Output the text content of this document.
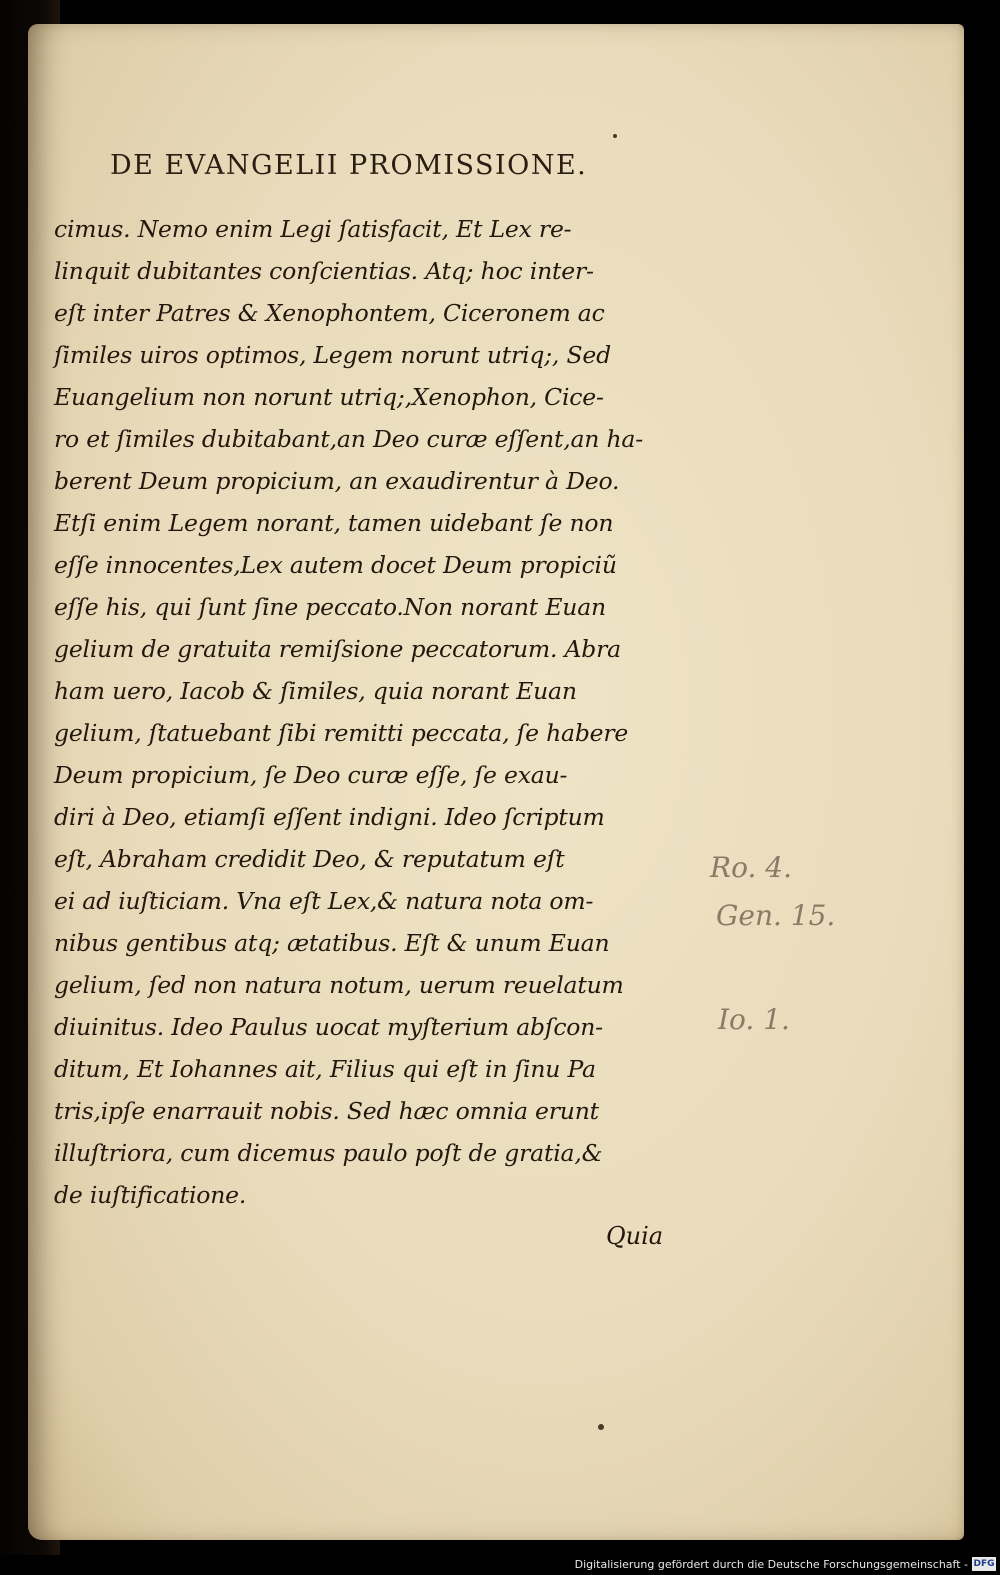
DE EVANGELII PROMISSIONE.
cimus. Nemo enim Legi ſatisfacit, Et Lex re-
linquit dubitantes conſcientias. Atq; hoc inter-
eſt inter Patres & Xenophontem, Ciceronem ac
ſimiles uiros optimos, Legem norunt utriq;, Sed
Euangelium non norunt utriq;,Xenophon, Cice-
ro et ſimiles dubitabant,an Deo curæ eſſent,an ha-
berent Deum propicium, an exaudirentur à Deo.
Etſi enim Legem norant, tamen uidebant ſe non
eſſe innocentes,Lex autem docet Deum propiciũ
eſſe his, qui ſunt ſine peccato.Non norant Euan
gelium de gratuita remiſsione peccatorum. Abra
ham uero, Iacob & ſimiles, quia norant Euan
gelium, ſtatuebant ſibi remitti peccata, ſe habere
Deum propicium, ſe Deo curæ eſſe, ſe exau-
diri à Deo, etiamſi eſſent indigni. Ideo ſcriptum
eſt, Abraham credidit Deo, & reputatum eſt
ei ad iuſticiam. Vna eſt Lex,& natura nota om-
nibus gentibus atq; ætatibus. Eſt & unum Euan
gelium, ſed non natura notum, uerum reuelatum
diuinitus. Ideo Paulus uocat myſterium abſcon-
ditum, Et Iohannes ait, Filius qui eſt in ſinu Pa
tris,ipſe enarrauit nobis. Sed hæc omnia erunt
illuſtriora, cum dicemus paulo poſt de gratia,&
de iuſtificatione.
Quia
Ro. 4.
Gen. 15.
Io. 1.
Digitalisierung gefördert durch die Deutsche Forschungsgemeinschaft - DFG
